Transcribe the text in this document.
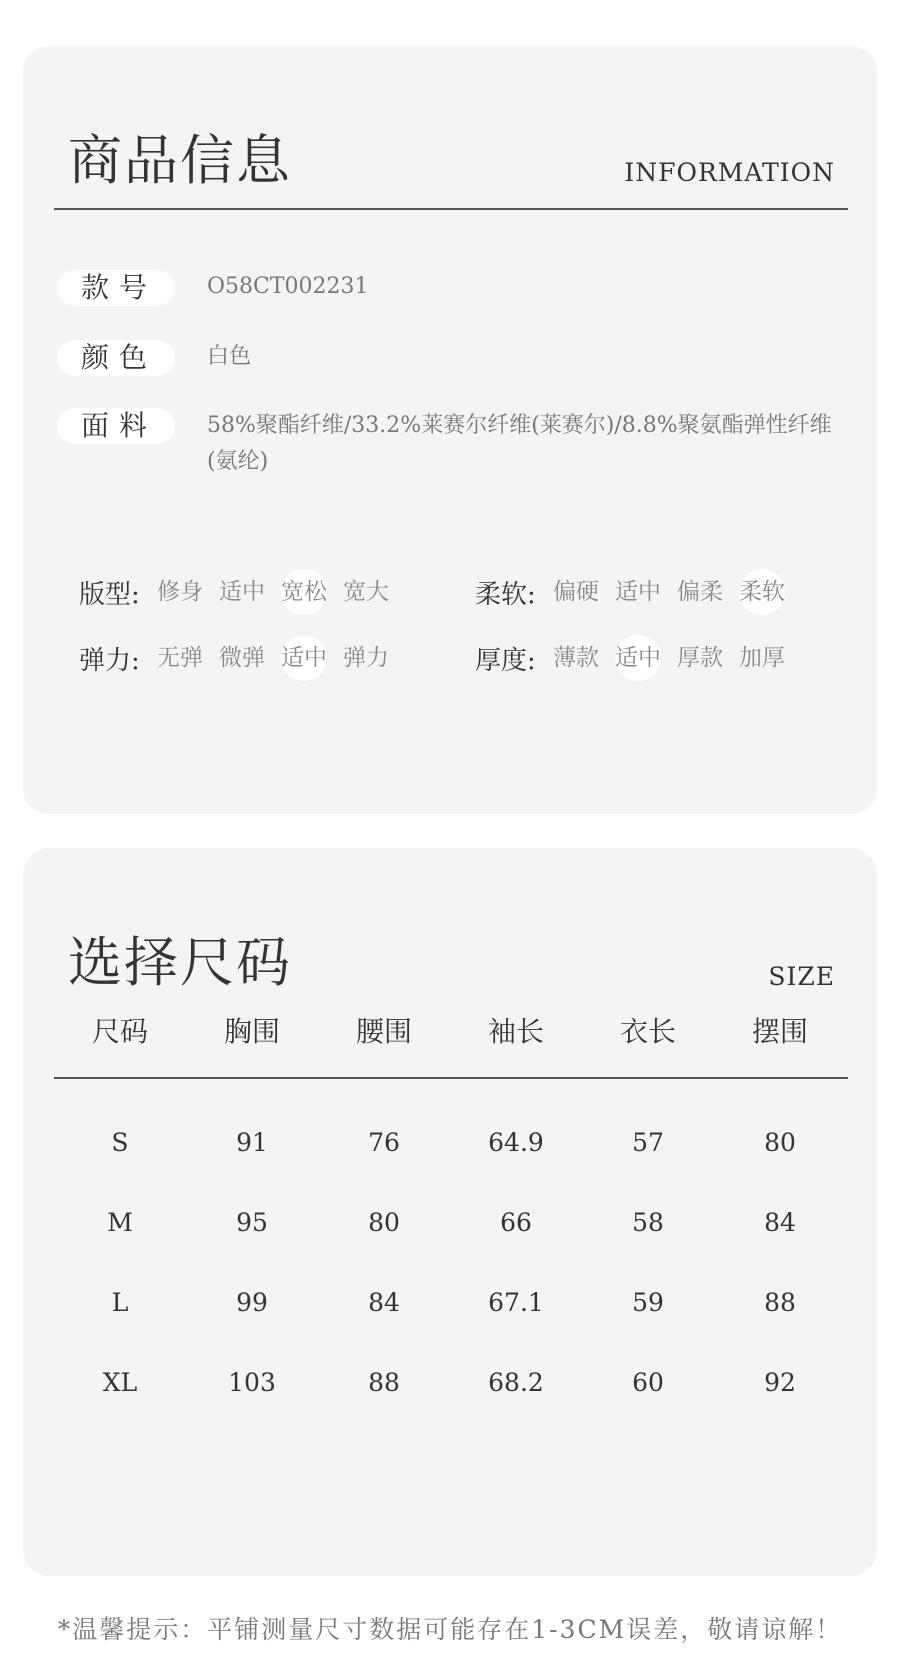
商品信息	INFORMATION
款号	O58CT002231
颜色	白色
面料	58%聚酯纤维/33.2%莱赛尔纤维(莱赛尔)/8.8%聚氨酯弹性纤维(氨纶)
版型: 修身 适中 宽松 宽大	柔软: 偏硬 适中 偏柔 柔软
弹力: 无弹 微弹 适中 弹力	厚度: 薄款 适中 厚款 加厚
选择尺码	SIZE
尺码	胸围	腰围	袖长	衣长	摆围
S	91	76	64.9	57	80
M	95	80	66	58	84
L	99	84	67.1	59	88
XL	103	88	68.2	60	92
*温馨提示：平铺测量尺寸数据可能存在1-3CM误差，敬请谅解！
